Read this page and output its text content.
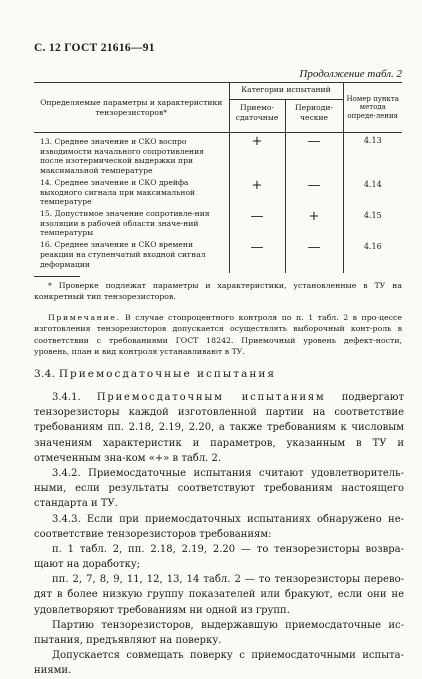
С. 12 ГОСТ 21616—91
Продолжение табл. 2
Определяемые параметры и характеристики тензорезисторов*	Категории испытаний		Номер пункта метода опреде-ления
	Приемо-сдаточные	Периоди-ческие	
13. Среднее значение и СКО воспро изводимости начального сопротивления после изотермической выдержки при максимальной температуре	+	—	4.13
14. Среднее значение и СКО дрейфа выходного сигнала при максимальной температуре	+	—	4.14
15. Допустимое значение сопротивле-ния изоляции в рабочей области значе-ний температуры	—	+	4.15
16. Среднее значение и СКО времени реакции на ступенчатый входной сигнал деформации	—	—	4.16
* Проверке подлежат параметры и характеристики, установленные в ТУ на конкретный тип тензорезисторов.
Примечание. В случае стопроцентного контроля по п. 1 табл. 2 в про-цессе изготовления тензорезисторов допускается осуществлять выборочный конт-роль в соответствии с требованиями ГОСТ 18242. Приемочный уровень дефект-ности, уровень, план и вид контроля устанавливают в ТУ.
3.4. Приемосдаточные испытания

3.4.1. Приемосдаточным испытаниям подвергают тензорезисторы каждой изготовленной партии на соответствие требованиям пп. 2.18, 2.19, 2.20, а также требованиям к числовым значениям характеристик и параметров, указанным в ТУ и отмеченным зна-ком «+» в табл. 2.

3.4.2. Приемосдаточные испытания считают удовлетворитель-ными, если результаты соответствуют требованиям настоящего стандарта и ТУ.

3.4.3. Если при приемосдаточных испытаниях обнаружено не-соответствие тензорезисторов требованиям:

п. 1 табл. 2, пп. 2.18, 2.19, 2.20 — то тензорезисторы возвра-щают на доработку;

пп. 2, 7, 8, 9, 11, 12, 13, 14 табл. 2 — то тензорезисторы перево-дят в более низкую группу показателей или бракуют, если они не удовлетворяют требованиям ни одной из групп.

Партию тензорезисторов, выдержавшую приемосдаточные ис-пытания, предъявляют на поверку.

Допускается совмещать поверку с приемосдаточными испыта-ниями.
